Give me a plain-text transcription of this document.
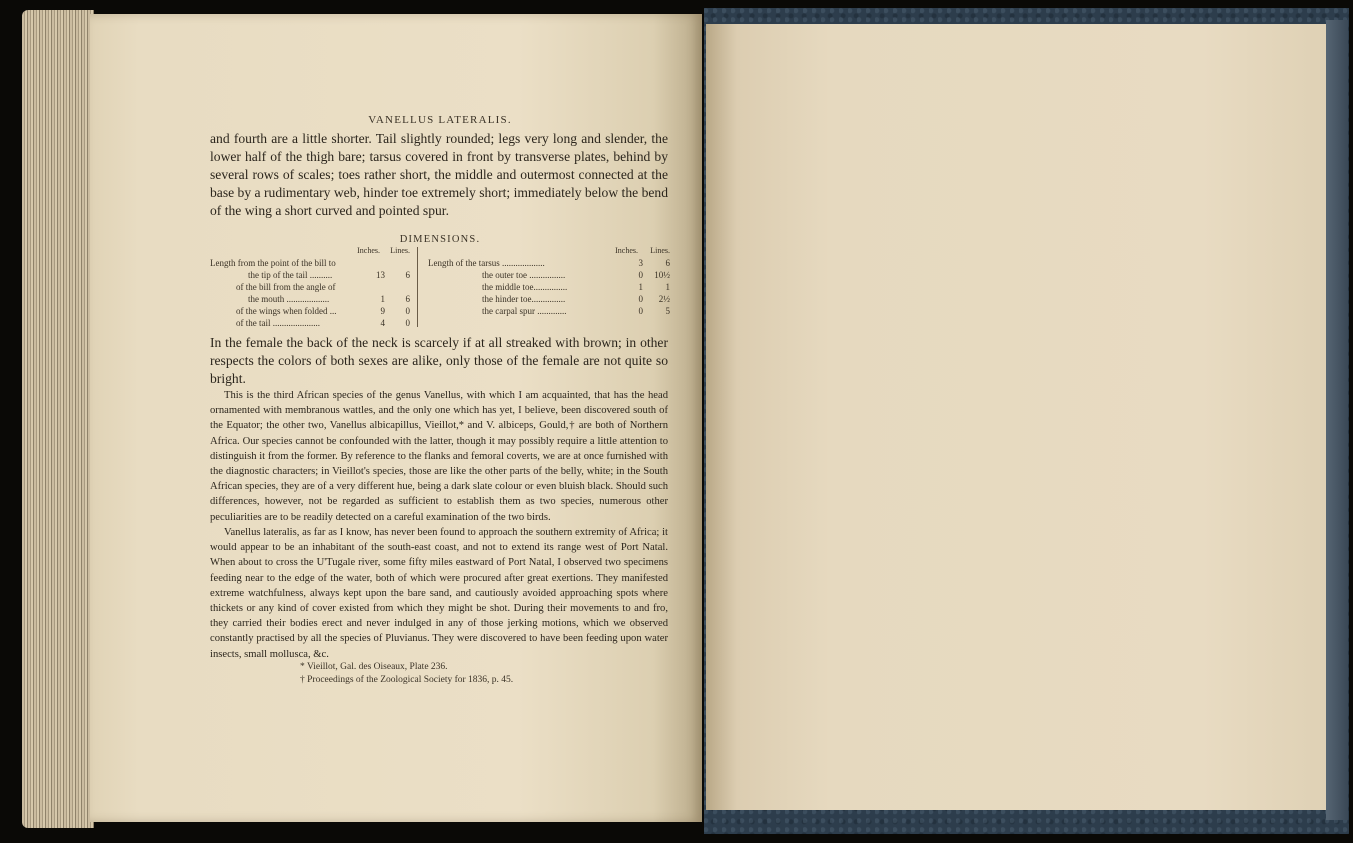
VANELLUS LATERALIS.
and fourth are a little shorter. Tail slightly rounded; legs very long and slender, the lower half of the thigh bare; tarsus covered in front by transverse plates, behind by several rows of scales; toes rather short, the middle and outermost connected at the base by a rudimentary web, hinder toe extremely short; immediately below the bend of the wing a short curved and pointed spur.
DIMENSIONS.
Inches.	Lines.
Length from the point of the bill to
the tip of the tail ..........	13	6
of the bill from the angle of
the mouth ...................	1	6
of the wings when folded ...	9	0
of the tail .....................	4	0
Inches.	Lines.
Length of the tarsus ...................	3	6
the outer toe ................	0	10½
the middle toe...............	1	1
the hinder toe...............	0	2½
the carpal spur .............	0	5
In the female the back of the neck is scarcely if at all streaked with brown; in other respects the colors of both sexes are alike, only those of the female are not quite so bright.
This is the third African species of the genus Vanellus, with which I am acquainted, that has the head ornamented with membranous wattles, and the only one which has yet, I believe, been discovered south of the Equator; the other two, Vanellus albicapillus, Vieillot,* and V. albiceps, Gould,† are both of Northern Africa. Our species cannot be confounded with the latter, though it may possibly require a little attention to distinguish it from the former. By reference to the flanks and femoral coverts, we are at once furnished with the diagnostic characters; in Vieillot's species, those are like the other parts of the belly, white; in the South African species, they are of a very different hue, being a dark slate colour or even bluish black. Should such differences, however, not be regarded as sufficient to establish them as two species, numerous other peculiarities are to be readily detected on a careful examination of the two birds.
Vanellus lateralis, as far as I know, has never been found to approach the southern extremity of Africa; it would appear to be an inhabitant of the south-east coast, and not to extend its range west of Port Natal. When about to cross the U'Tugale river, some fifty miles eastward of Port Natal, I observed two specimens feeding near to the edge of the water, both of which were procured after great exertions. They manifested extreme watchfulness, always kept upon the bare sand, and cautiously avoided approaching spots where thickets or any kind of cover existed from which they might be shot. During their movements to and fro, they carried their bodies erect and never indulged in any of those jerking motions, which we observed constantly practised by all the species of Pluvianus. They were discovered to have been feeding upon water insects, small mollusca, &c.
* Vieillot, Gal. des Oiseaux, Plate 236.
† Proceedings of the Zoological Society for 1836, p. 45.
